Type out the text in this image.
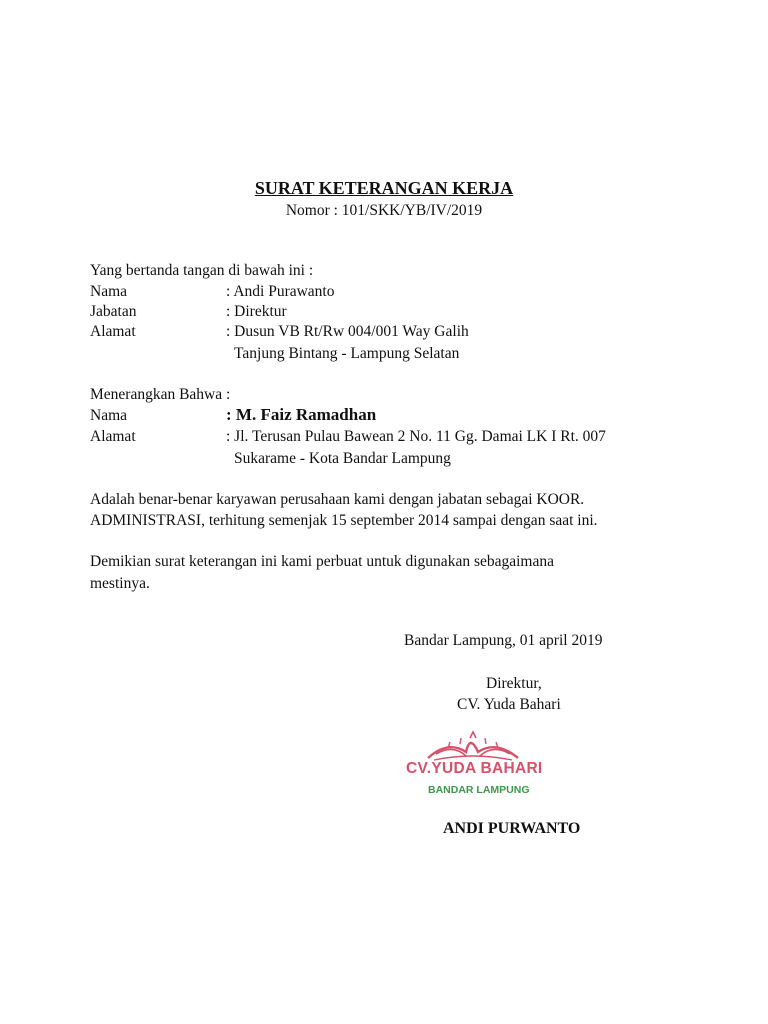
SURAT KETERANGAN KERJA
Nomor : 101/SKK/YB/IV/2019
Yang bertanda tangan di bawah ini :
Nama	: Andi Purawanto
Jabatan	: Direktur
Alamat	: Dusun VB Rt/Rw 004/001 Way Galih
Tanjung Bintang - Lampung Selatan
Menerangkan Bahwa :
Nama	: M. Faiz Ramadhan
Alamat	: Jl. Terusan Pulau Bawean 2 No. 11 Gg. Damai LK I Rt. 007
Sukarame - Kota Bandar Lampung
Adalah benar-benar karyawan perusahaan kami dengan jabatan sebagai KOOR.
ADMINISTRASI, terhitung semenjak 15 september 2014 sampai dengan saat ini.
Demikian surat keterangan ini kami perbuat untuk digunakan sebagaimana
mestinya.
Bandar Lampung, 01 april 2019
Direktur,
CV. Yuda Bahari
CV.YUDA BAHARI
BANDAR LAMPUNG
ANDI PURWANTO
